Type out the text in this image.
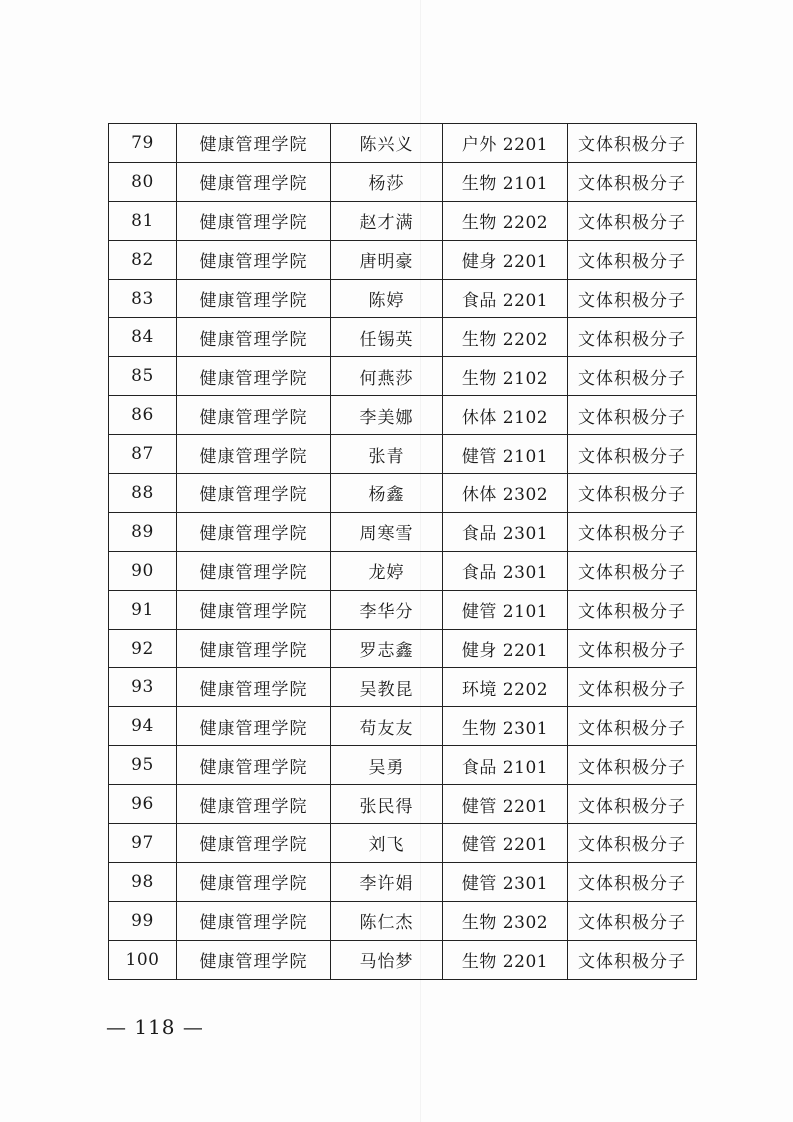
79	健康管理学院	陈兴义	户外 2201	文体积极分子
80	健康管理学院	杨莎	生物 2101	文体积极分子
81	健康管理学院	赵才满	生物 2202	文体积极分子
82	健康管理学院	唐明豪	健身 2201	文体积极分子
83	健康管理学院	陈婷	食品 2201	文体积极分子
84	健康管理学院	任锡英	生物 2202	文体积极分子
85	健康管理学院	何燕莎	生物 2102	文体积极分子
86	健康管理学院	李美娜	休体 2102	文体积极分子
87	健康管理学院	张青	健管 2101	文体积极分子
88	健康管理学院	杨鑫	休体 2302	文体积极分子
89	健康管理学院	周寒雪	食品 2301	文体积极分子
90	健康管理学院	龙婷	食品 2301	文体积极分子
91	健康管理学院	李华分	健管 2101	文体积极分子
92	健康管理学院	罗志鑫	健身 2201	文体积极分子
93	健康管理学院	吴教昆	环境 2202	文体积极分子
94	健康管理学院	苟友友	生物 2301	文体积极分子
95	健康管理学院	吴勇	食品 2101	文体积极分子
96	健康管理学院	张民得	健管 2201	文体积极分子
97	健康管理学院	刘飞	健管 2201	文体积极分子
98	健康管理学院	李许娟	健管 2301	文体积极分子
99	健康管理学院	陈仁杰	生物 2302	文体积极分子
100	健康管理学院	马怡梦	生物 2201	文体积极分子
— 118 —
